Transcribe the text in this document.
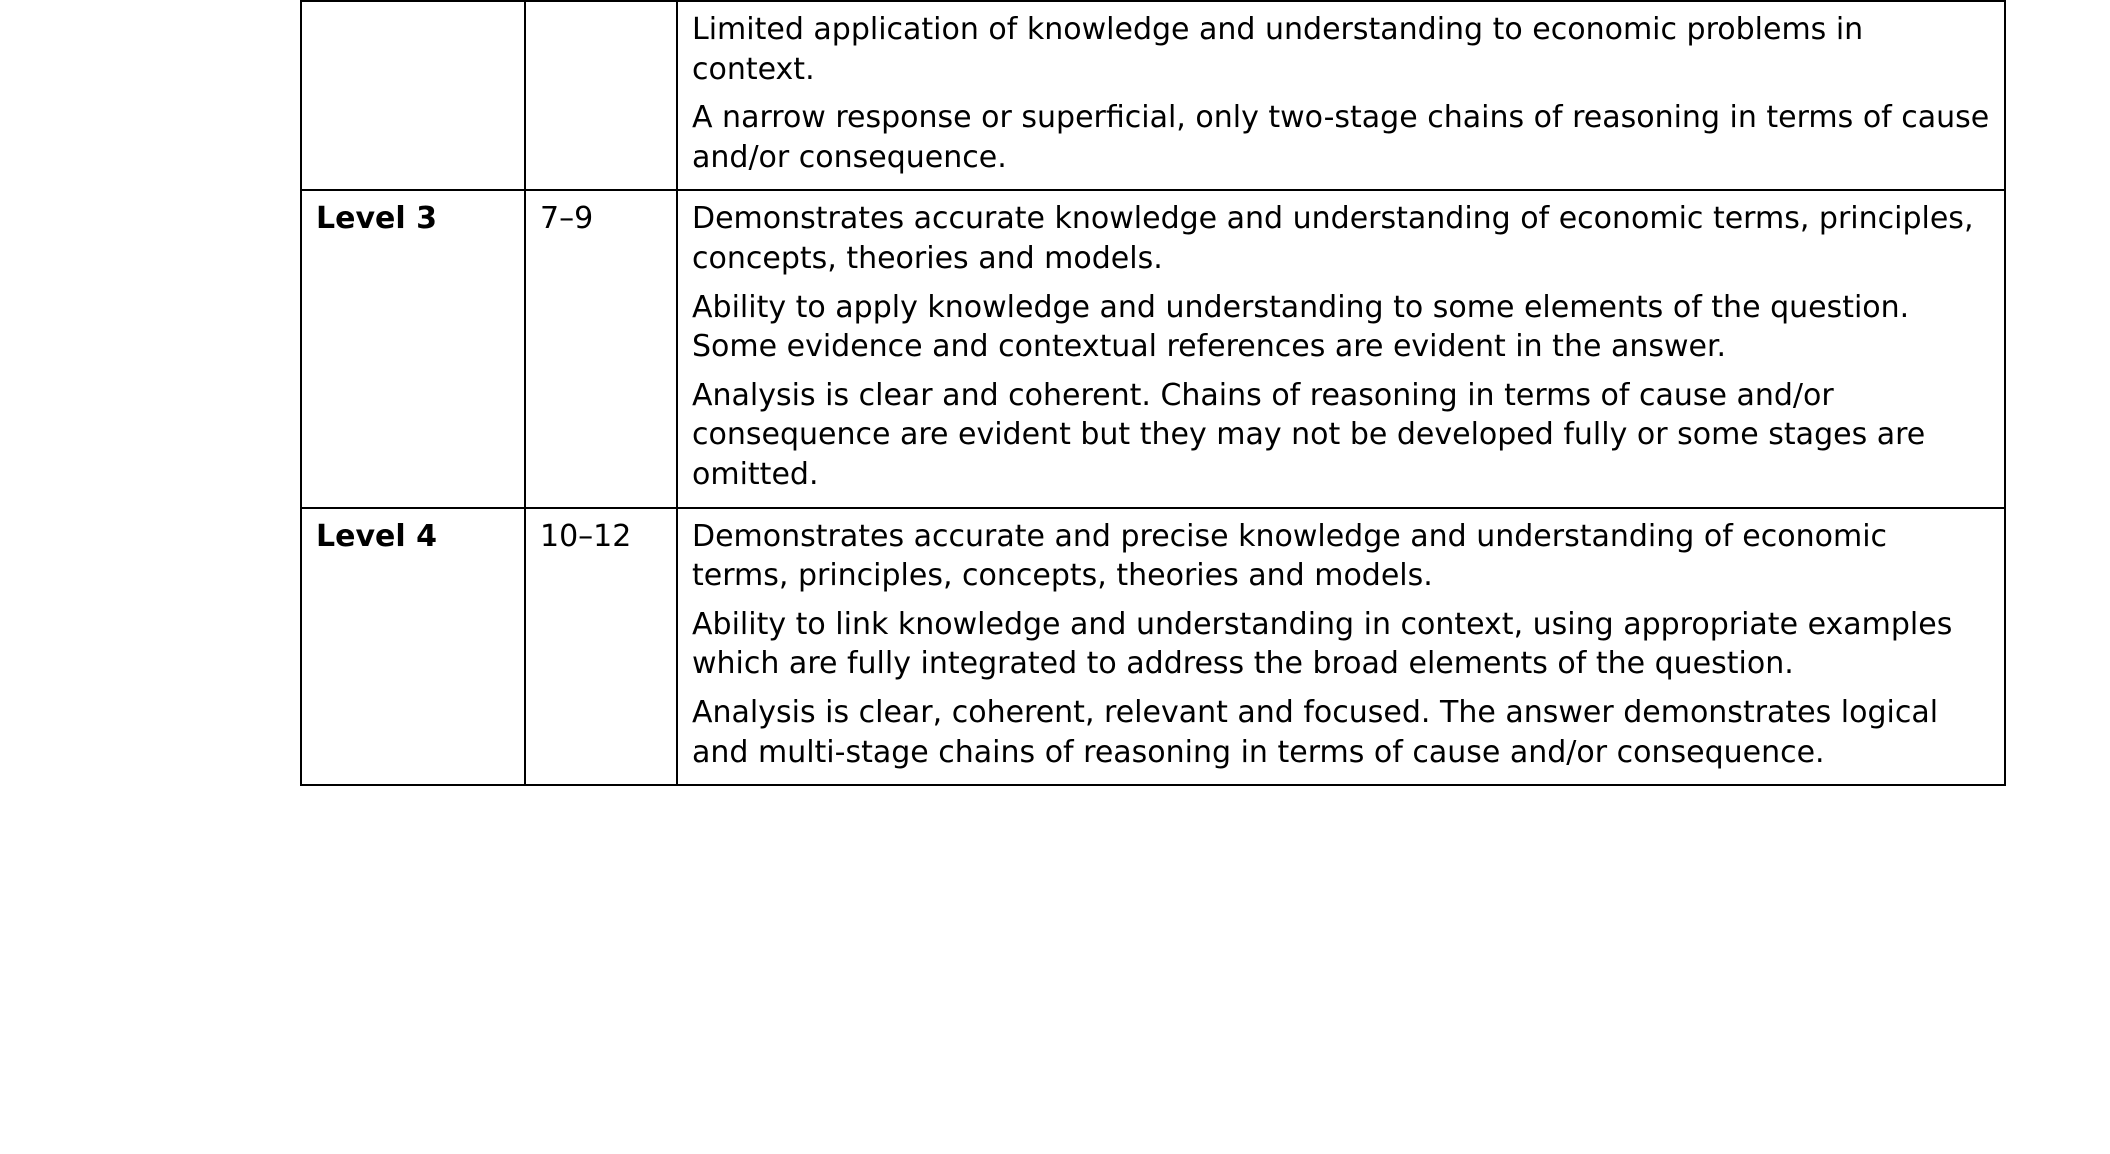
		Limited application of knowledge and understanding to economic problems in context.

A narrow response or superficial, only two-stage chains of reasoning in terms of cause and/or consequence.

Level 3	7–9	Demonstrates accurate knowledge and understanding of economic terms, principles, concepts, theories and models.

Ability to apply knowledge and understanding to some elements of the question. Some evidence and contextual references are evident in the answer.

Analysis is clear and coherent. Chains of reasoning in terms of cause and/or consequence are evident but they may not be developed fully or some stages are omitted.

Level 4	10–12	Demonstrates accurate and precise knowledge and understanding of economic terms, principles, concepts, theories and models.

Ability to link knowledge and understanding in context, using appropriate examples which are fully integrated to address the broad elements of the question.

Analysis is clear, coherent, relevant and focused. The answer demonstrates logical and multi-stage chains of reasoning in terms of cause and/or consequence.
